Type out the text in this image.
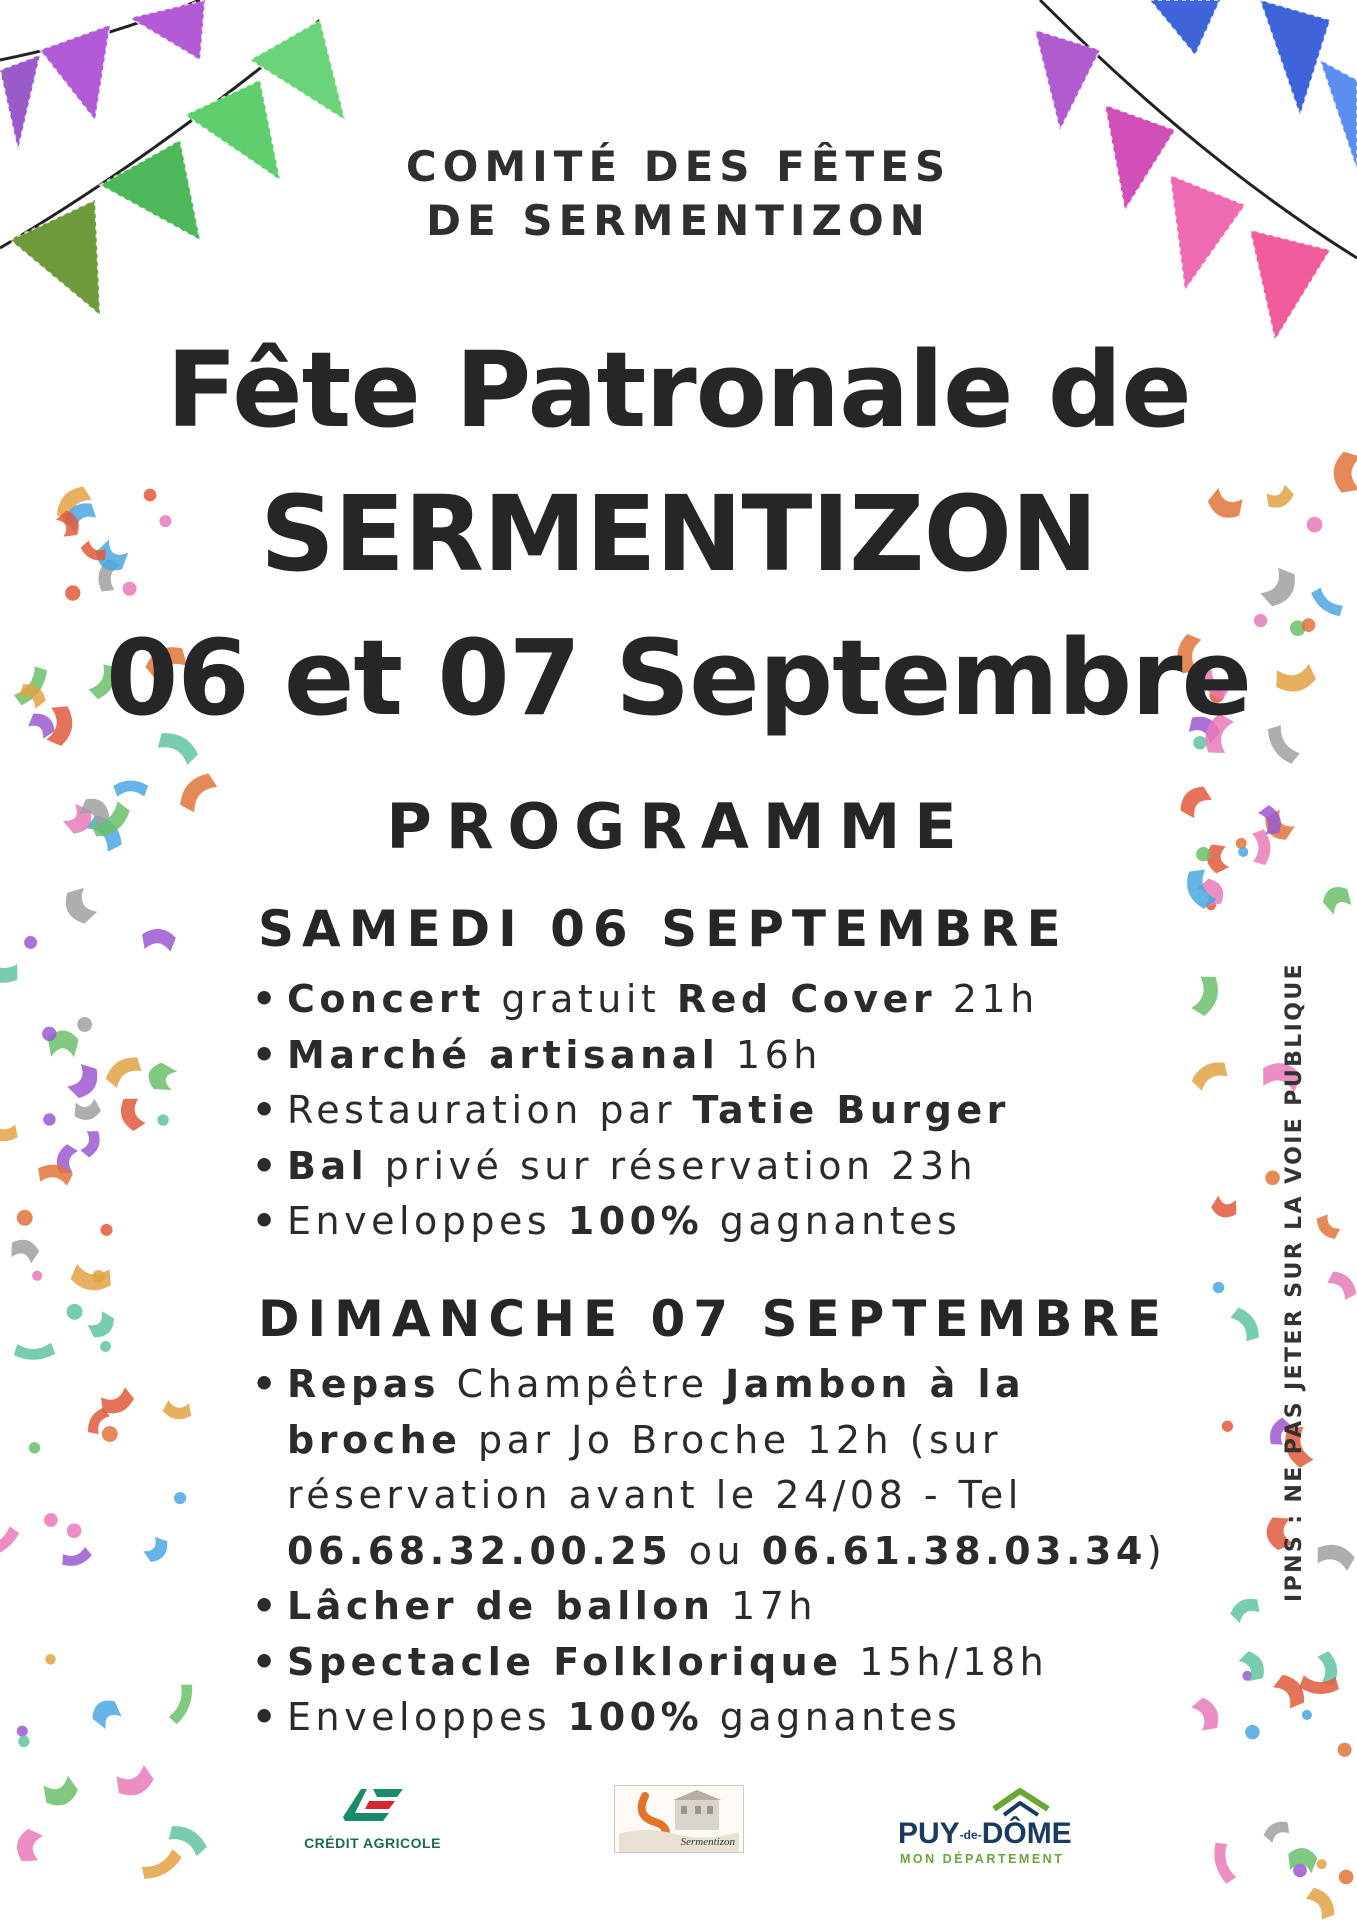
COMITÉ DES FÊTES
DE SERMENTIZON
Fête Patronale de
SERMENTIZON
06 et 07 Septembre
PROGRAMME
SAMEDI 06 SEPTEMBRE
• Concert gratuit Red Cover 21h
• Marché artisanal 16h
• Restauration par Tatie Burger
• Bal privé sur réservation 23h
• Enveloppes 100% gagnantes
DIMANCHE 07 SEPTEMBRE
• Repas Champêtre Jambon à la
broche par Jo Broche 12h (sur
réservation avant le 24/08 - Tel
06.68.32.00.25 ou 06.61.38.03.34)
• Lâcher de ballon 17h
• Spectacle Folklorique 15h/18h
• Enveloppes 100% gagnantes
IPNS : NE PAS JETER SUR LA VOIE PUBLIQUE
CRÉDIT AGRICOLE	Sermentizon	PUY-de-DÔME
MON DÉPARTEMENT
